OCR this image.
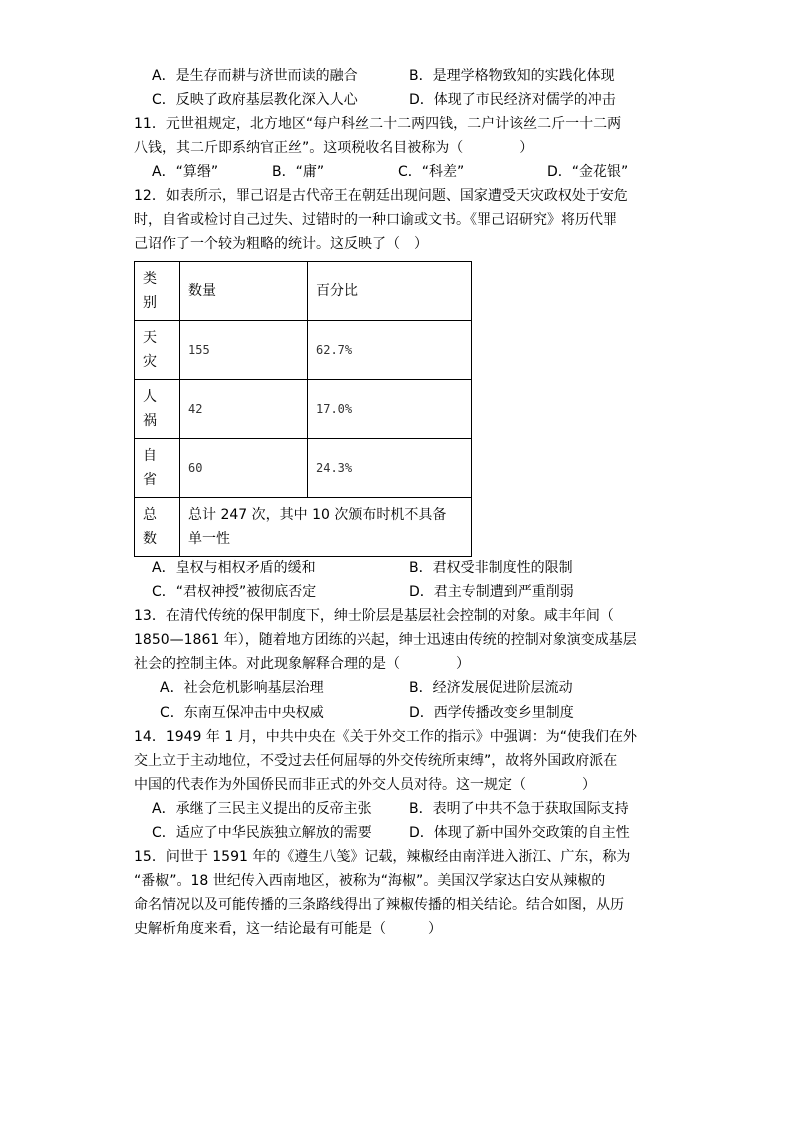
A．是生存而耕与济世而读的融合	B．是理学格物致知的实践化体现
C．反映了政府基层教化深入人心	D．体现了市民经济对儒学的冲击
11．元世祖规定，北方地区“每户科丝二十二两四钱，二户计该丝二斤一十二两
八钱，其二斤即系纳官正丝”。这项税收名目被称为（　　　　）
A．“算缗”	B．“庸”	C．“科差”	D．“金花银”
12．如表所示，罪己诏是古代帝王在朝廷出现问题、国家遭受天灾政权处于安危
时，自省或检讨自己过失、过错时的一种口谕或文书。《罪己诏研究》将历代罪
己诏作了一个较为粗略的统计。这反映了（　）
类别	数量	百分比
天灾	155	62.7%
人祸	42	17.0%
自省	60	24.3%
总数	总计 247 次，其中 10 次颁布时机不具备单一性	
A．皇权与相权矛盾的缓和	B．君权受非制度性的限制
C．“君权神授”被彻底否定	D．君主专制遭到严重削弱
13．在清代传统的保甲制度下，绅士阶层是基层社会控制的对象。咸丰年间（
1850—1861 年），随着地方团练的兴起，绅士迅速由传统的控制对象演变成基层
社会的控制主体。对此现象解释合理的是（　　　　）
A．社会危机影响基层治理	B．经济发展促进阶层流动
C．东南互保冲击中央权威	D．西学传播改变乡里制度
14．1949 年 1 月，中共中央在《关于外交工作的指示》中强调：为“使我们在外
交上立于主动地位，不受过去任何屈辱的外交传统所束缚”，故将外国政府派在
中国的代表作为外国侨民而非正式的外交人员对待。这一规定（　　　　）
A．承继了三民主义提出的反帝主张	B．表明了中共不急于获取国际支持
C．适应了中华民族独立解放的需要	D．体现了新中国外交政策的自主性
15．问世于 1591 年的《遵生八笺》记载，辣椒经由南洋进入浙江、广东，称为
“番椒”。18 世纪传入西南地区，被称为“海椒”。美国汉学家达白安从辣椒的
命名情况以及可能传播的三条路线得出了辣椒传播的相关结论。结合如图，从历
史解析角度来看，这一结论最有可能是（　　　）
